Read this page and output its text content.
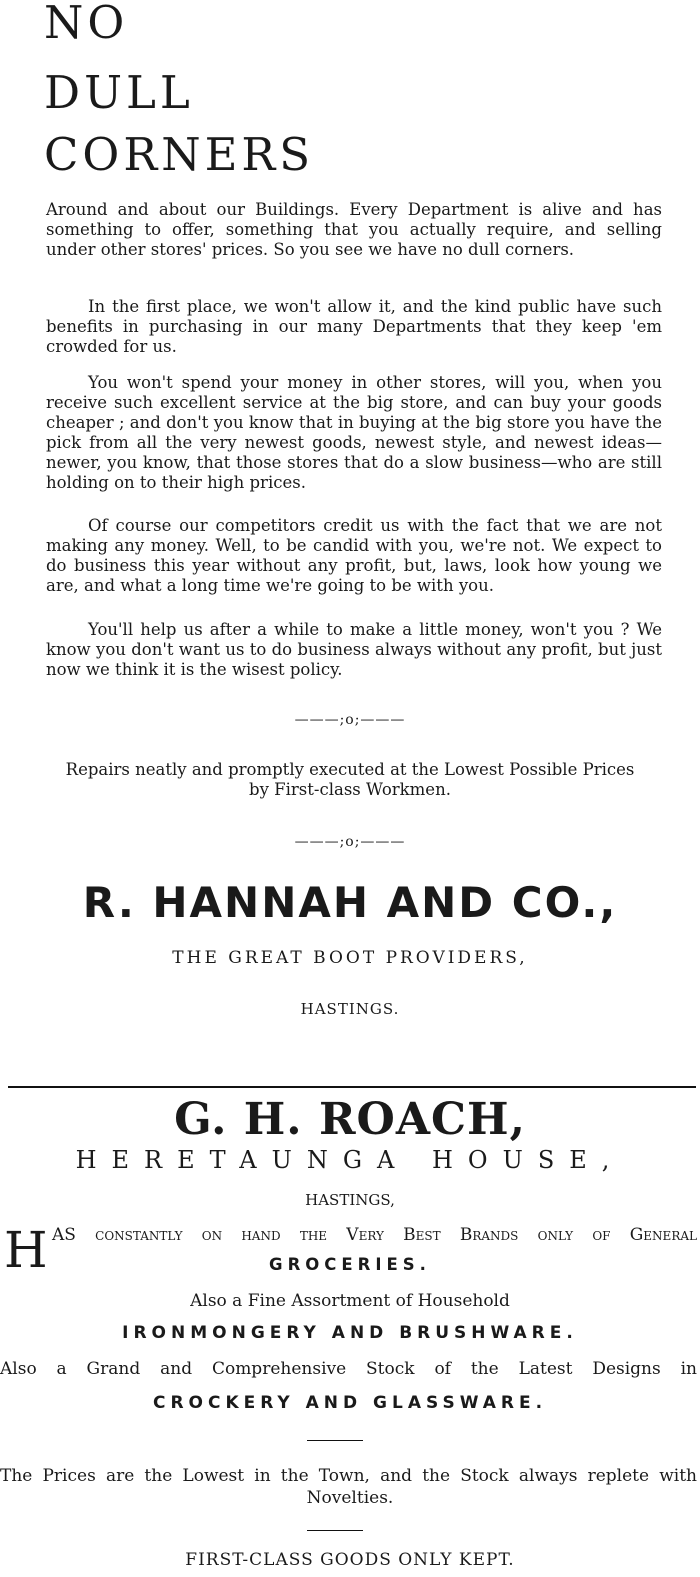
NO
DULL
CORNERS

Around and about our Buildings. Every Department is alive and has something to offer, something that you actually require, and selling under other stores' prices. So you see we have no dull corners.

In the first place, we won't allow it, and the kind public have such benefits in purchasing in our many Departments that they keep 'em crowded for us.

You won't spend your money in other stores, will you, when you receive such excellent service at the big store, and can buy your goods cheaper ; and don't you know that in buying at the big store you have the pick from all the very newest goods, newest style, and newest ideas—newer, you know, that those stores that do a slow business—who are still holding on to their high prices.

Of course our competitors credit us with the fact that we are not making any money. Well, to be candid with you, we're not. We expect to do business this year without any profit, but, laws, look how young we are, and what a long time we're going to be with you.

You'll help us after a while to make a little money, won't you ? We know you don't want us to do business always without any profit, but just now we think it is the wisest policy.

———;o;———
Repairs neatly and promptly executed at the Lowest Possible Prices
by First-class Workmen.
———;o;———
R. HANNAH AND CO.,
THE GREAT BOOT PROVIDERS,
HASTINGS.
G. H. ROACH,
HERETAUNGA HOUSE,
HASTINGS,
H AS constantly on hand the Very Best Brands only of General
GROCERIES.
Also a Fine Assortment of Household
IRONMONGERY AND BRUSHWARE.
Also a Grand and Comprehensive Stock of the Latest Designs in
CROCKERY AND GLASSWARE.
The Prices are the Lowest in the Town, and the Stock always replete with
Novelties.
FIRST-CLASS GOODS ONLY KEPT.
